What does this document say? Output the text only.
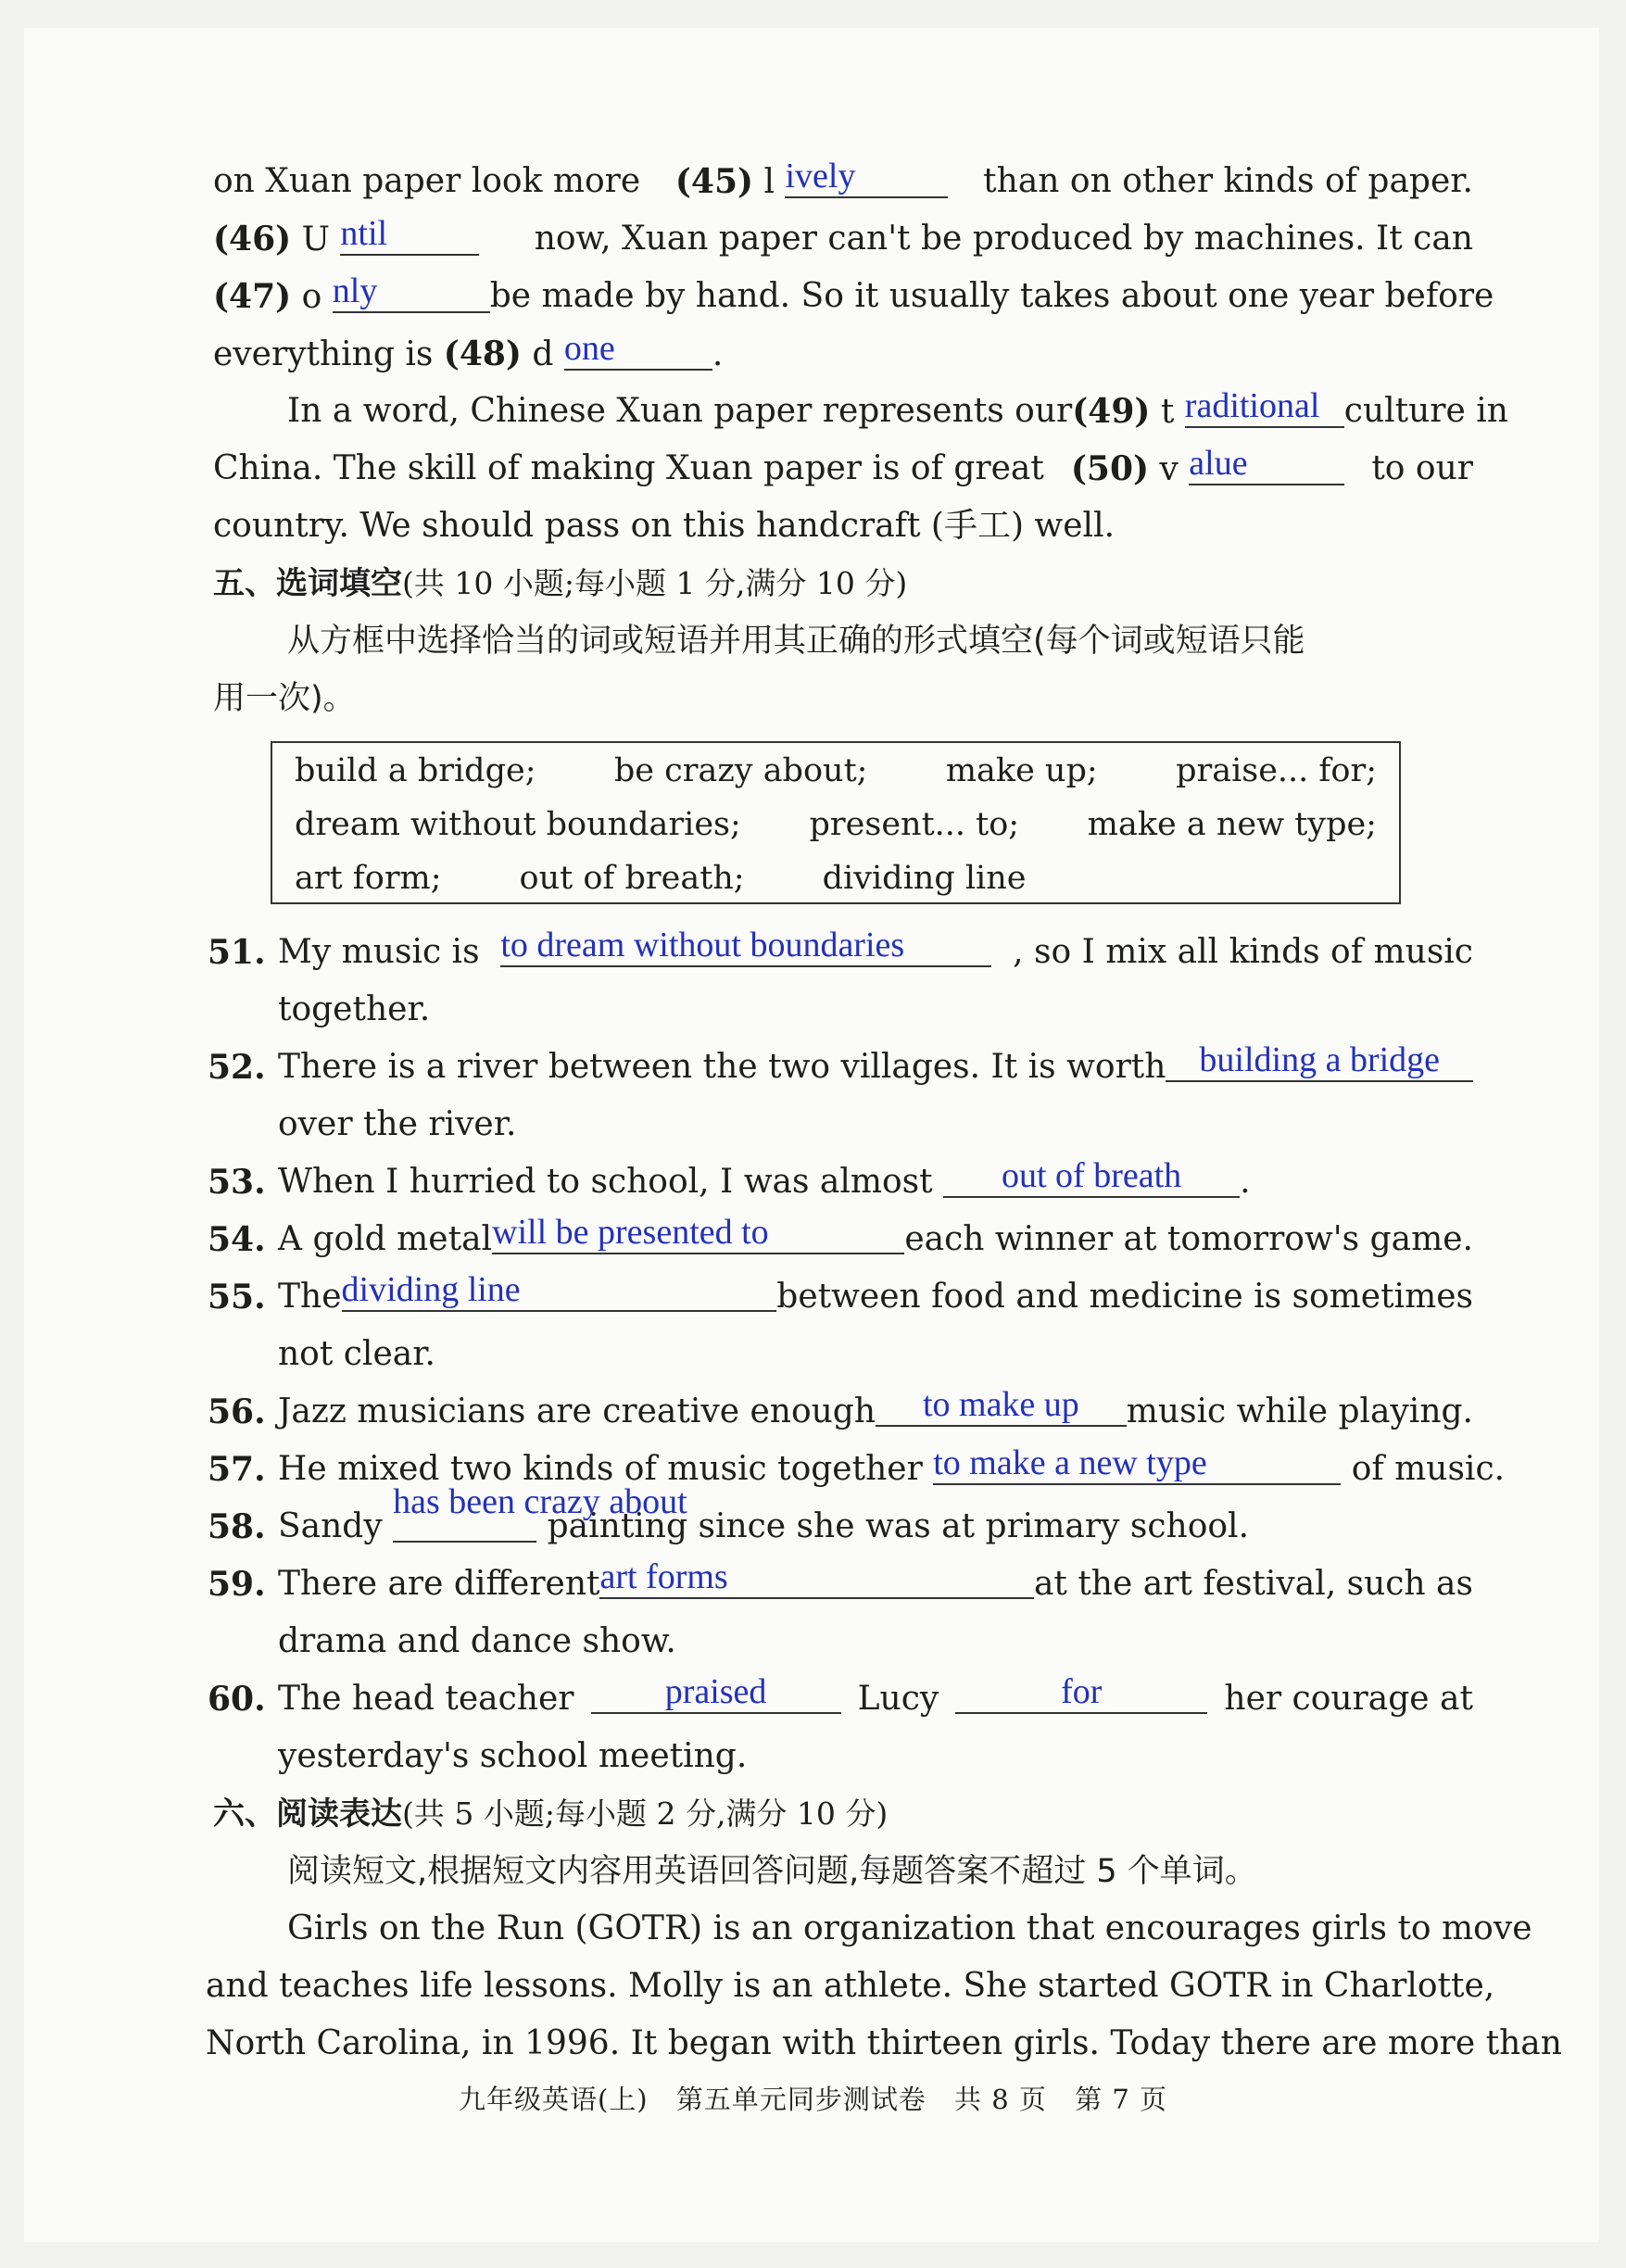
on Xuan paper look more (45) l ively	than on other kinds of paper.
(46) U ntil	now, Xuan paper can't be produced by machines. It can
(47) o nly	be made by hand. So it usually takes about one year before
everything is (48) d one	.
In a word, Chinese Xuan paper represents our (49) t raditional culture in
China. The skill of making Xuan paper is of great (50) v alue	to our
country. We should pass on this handcraft (手工) well.
五、选词填空(共 10 小题;每小题 1 分,满分 10 分)
从方框中选择恰当的词或短语并用其正确的形式填空(每个词或短语只能
用一次)。
build a bridge; be crazy about; make up; praise... for;
dream without boundaries; present... to; make a new type;
art form; out of breath; dividing line
51. My music is to dream without boundaries	, so I mix all kinds of music
together.
52. There is a river between the two villages. It is worth building a bridge
over the river.
53. When I hurried to school, I was almost	out of breath	.
54. A gold metal will be presented to	each winner at tomorrow's game.
55. The dividing line	between food and medicine is sometimes
not clear.
56. Jazz musicians are creative enough	to make up	music while playing.
57. He mixed two kinds of music together to make a new type	of music.
58. Sandy
has been crazy about
painting since she was at primary school.
59. There are different art forms	at the art festival, such as
drama and dance show.
60. The head teacher	praised	Lucy	for	her courage at
yesterday's school meeting.
六、阅读表达(共 5 小题;每小题 2 分,满分 10 分)
阅读短文,根据短文内容用英语回答问题,每题答案不超过 5 个单词。
Girls on the Run (GOTR) is an organization that encourages girls to move
and teaches life lessons. Molly is an athlete. She started GOTR in Charlotte,
North Carolina, in 1996. It began with thirteen girls. Today there are more than
九年级英语(上) 第五单元同步测试卷 共 8 页 第 7 页
